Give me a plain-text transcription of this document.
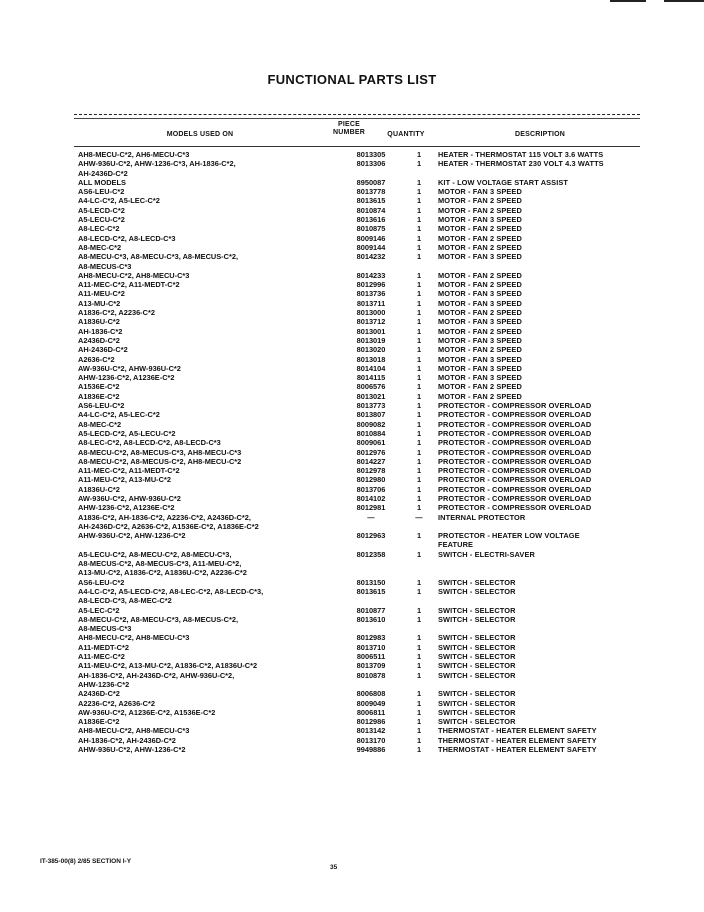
FUNCTIONAL PARTS LIST
MODELS USED ON
PIECE
NUMBER	QUANTITY	DESCRIPTION
AH8-MECU-C*2, AH6-MECU-C*3	8013305	1	HEATER - THERMOSTAT 115 VOLT 3.6 WATTS
AHW-936U-C*2, AHW-1236-C*3, AH-1836-C*2,
AH-2436D-C*2
8013306	1	HEATER - THERMOSTAT 230 VOLT 4.3 WATTS
ALL MODELS	8950087	1	KIT - LOW VOLTAGE START ASSIST
AS6-LEU-C*2	8013778	1	MOTOR - FAN 3 SPEED
A4-LC-C*2, A5-LEC-C*2	8013615	1	MOTOR - FAN 2 SPEED
A5-LECD-C*2	8010874	1	MOTOR - FAN 2 SPEED
A5-LECU-C*2	8013616	1	MOTOR - FAN 3 SPEED
A8-LEC-C*2	8010875	1	MOTOR - FAN 2 SPEED
A8-LECD-C*2, A8-LECD-C*3	8009146	1	MOTOR - FAN 2 SPEED
A8-MEC-C*2	8009144	1	MOTOR - FAN 2 SPEED
A8-MECU-C*3, A8-MECU-C*3, A8-MECUS-C*2,
A8-MECUS-C*3
8014232	1	MOTOR - FAN 3 SPEED
AH8-MECU-C*2, AH8-MECU-C*3	8014233	1	MOTOR - FAN 2 SPEED
A11-MEC-C*2, A11-MEDT-C*2	8012996	1	MOTOR - FAN 2 SPEED
A11-MEU-C*2	8013736	1	MOTOR - FAN 3 SPEED
A13-MU-C*2	8013711	1	MOTOR - FAN 3 SPEED
A1836-C*2, A2236-C*2	8013000	1	MOTOR - FAN 2 SPEED
A1836U-C*2	8013712	1	MOTOR - FAN 3 SPEED
AH-1836-C*2	8013001	1	MOTOR - FAN 2 SPEED
A2436D-C*2	8013019	1	MOTOR - FAN 3 SPEED
AH-2436D-C*2	8013020	1	MOTOR - FAN 2 SPEED
A2636-C*2	8013018	1	MOTOR - FAN 3 SPEED
AW-936U-C*2, AHW-936U-C*2	8014104	1	MOTOR - FAN 3 SPEED
AHW-1236-C*2, A1236E-C*2	8014115	1	MOTOR - FAN 3 SPEED
A1536E-C*2	8006576	1	MOTOR - FAN 2 SPEED
A1836E-C*2	8013021	1	MOTOR - FAN 2 SPEED
AS6-LEU-C*2	8013773	1	PROTECTOR - COMPRESSOR OVERLOAD
A4-LC-C*2, A5-LEC-C*2	8013807	1	PROTECTOR - COMPRESSOR OVERLOAD
A8-MEC-C*2	8009082	1	PROTECTOR - COMPRESSOR OVERLOAD
A5-LECD-C*2, A5-LECU-C*2	8010884	1	PROTECTOR - COMPRESSOR OVERLOAD
A8-LEC-C*2, A8-LECD-C*2, A8-LECD-C*3	8009061	1	PROTECTOR - COMPRESSOR OVERLOAD
A8-MECU-C*2, A8-MECUS-C*3, AH8-MECU-C*3	8012976	1	PROTECTOR - COMPRESSOR OVERLOAD
A8-MECU-C*2, A8-MECUS-C*2, AH8-MECU-C*2	8014227	1	PROTECTOR - COMPRESSOR OVERLOAD
A11-MEC-C*2, A11-MEDT-C*2	8012978	1	PROTECTOR - COMPRESSOR OVERLOAD
A11-MEU-C*2, A13-MU-C*2	8012980	1	PROTECTOR - COMPRESSOR OVERLOAD
A1836U-C*2	8013706	1	PROTECTOR - COMPRESSOR OVERLOAD
AW-936U-C*2, AHW-936U-C*2	8014102	1	PROTECTOR - COMPRESSOR OVERLOAD
AHW-1236-C*2, A1236E-C*2	8012981	1	PROTECTOR - COMPRESSOR OVERLOAD
A1836-C*2, AH-1836-C*2, A2236-C*2, A2436D-C*2,
AH-2436D-C*2, A2636-C*2, A1536E-C*2, A1836E-C*2
—	—	INTERNAL PROTECTOR
AHW-936U-C*2, AHW-1236-C*2	8012963	1	PROTECTOR - HEATER LOW VOLTAGE
FEATURE
A5-LECU-C*2, A8-MECU-C*2, A8-MECU-C*3,
A8-MECUS-C*2, A8-MECUS-C*3, A11-MEU-C*2,
A13-MU-C*2, A1836-C*2, A1836U-C*2, A2236-C*2
8012358	1	SWITCH - ELECTRI-SAVER
AS6-LEU-C*2	8013150	1	SWITCH - SELECTOR
A4-LC-C*2, A5-LECD-C*2, A8-LEC-C*2, A8-LECD-C*3,
A8-LECD-C*3, A8-MEC-C*2
8013615	1	SWITCH - SELECTOR
A5-LEC-C*2	8010877	1	SWITCH - SELECTOR
A8-MECU-C*2, A8-MECU-C*3, A8-MECUS-C*2,
A8-MECUS-C*3
8013610	1	SWITCH - SELECTOR
AH8-MECU-C*2, AH8-MECU-C*3	8012983	1	SWITCH - SELECTOR
A11-MEDT-C*2	8013710	1	SWITCH - SELECTOR
A11-MEC-C*2	8006511	1	SWITCH - SELECTOR
A11-MEU-C*2, A13-MU-C*2, A1836-C*2, A1836U-C*2	8013709	1	SWITCH - SELECTOR
AH-1836-C*2, AH-2436D-C*2, AHW-936U-C*2,
AHW-1236-C*2
8010878	1	SWITCH - SELECTOR
A2436D-C*2	8006808	1	SWITCH - SELECTOR
A2236-C*2, A2636-C*2	8009049	1	SWITCH - SELECTOR
AW-936U-C*2, A1236E-C*2, A1536E-C*2	8006811	1	SWITCH - SELECTOR
A1836E-C*2	8012986	1	SWITCH - SELECTOR
AH8-MECU-C*2, AH8-MECU-C*3	8013142	1	THERMOSTAT - HEATER ELEMENT SAFETY
AH-1836-C*2, AH-2436D-C*2	8013170	1	THERMOSTAT - HEATER ELEMENT SAFETY
AHW-936U-C*2, AHW-1236-C*2	9949886	1	THERMOSTAT - HEATER ELEMENT SAFETY
IT-385-00(8) 2/85 SECTION I-Y
35
